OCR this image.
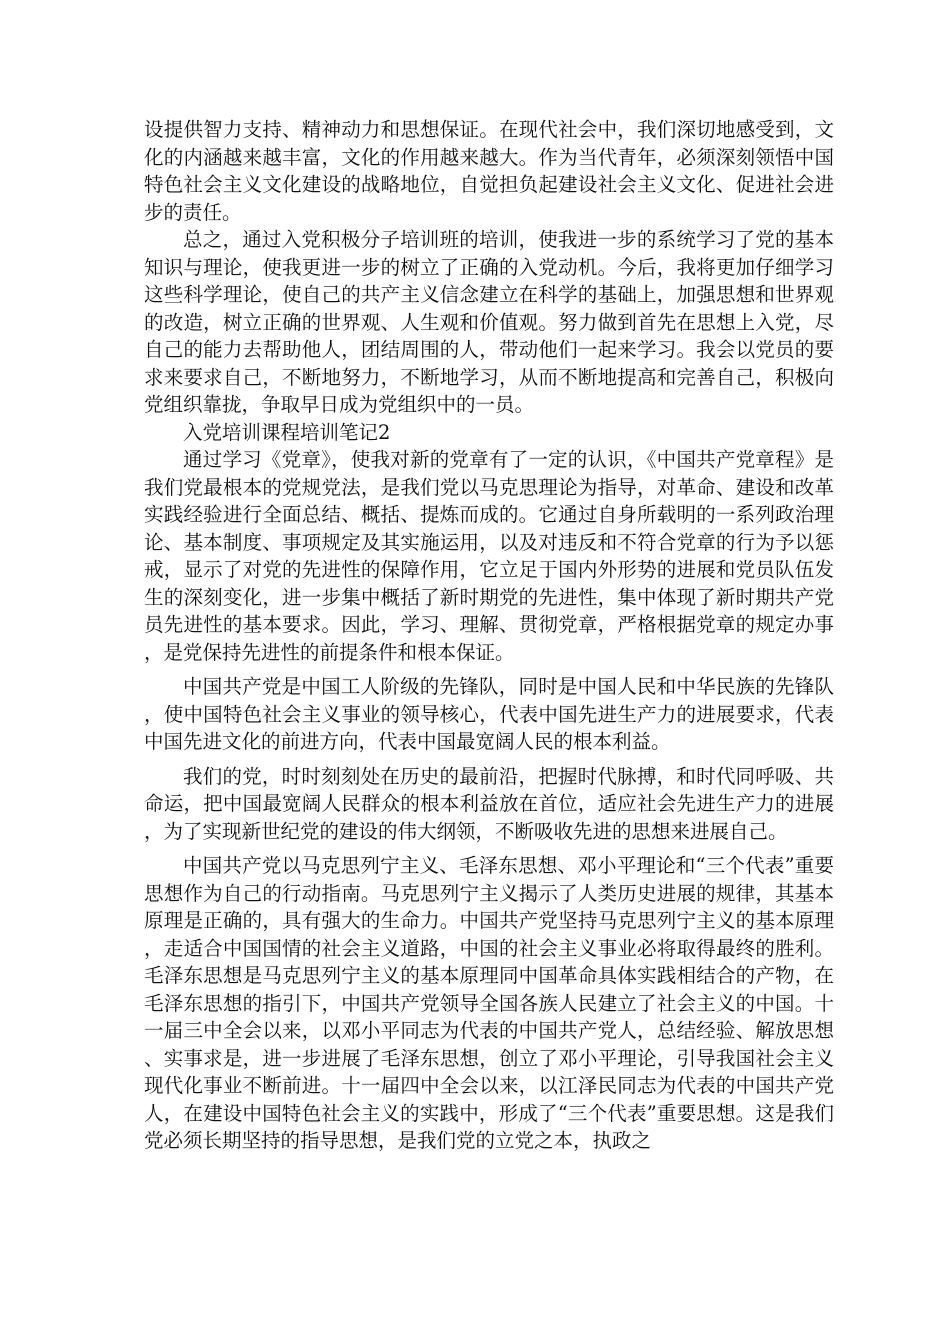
设提供智力支持、精神动力和思想保证。在现代社会中，我们深切地感受到，文化的内涵越来越丰富，文化的作用越来越大。作为当代青年，必须深刻领悟中国特色社会主义文化建设的战略地位，自觉担负起建设社会主义文化、促进社会进步的责任。

总之，通过入党积极分子培训班的培训，使我进一步的系统学习了党的基本知识与理论，使我更进一步的树立了正确的入党动机。今后，我将更加仔细学习这些科学理论，使自己的共产主义信念建立在科学的基础上，加强思想和世界观的改造，树立正确的世界观、人生观和价值观。努力做到首先在思想上入党，尽自己的能力去帮助他人，团结周围的人，带动他们一起来学习。我会以党员的要求来要求自己，不断地努力，不断地学习，从而不断地提高和完善自己，积极向党组织靠拢，争取早日成为党组织中的一员。

入党培训课程培训笔记2

通过学习《党章》，使我对新的党章有了一定的认识，《中国共产党章程》是我们党最根本的党规党法，是我们党以马克思理论为指导，对革命、建设和改革实践经验进行全面总结、概括、提炼而成的。它通过自身所载明的一系列政治理论、基本制度、事项规定及其实施运用，以及对违反和不符合党章的行为予以惩戒，显示了对党的先进性的保障作用，它立足于国内外形势的进展和党员队伍发生的深刻变化，进一步集中概括了新时期党的先进性，集中体现了新时期共产党员先进性的基本要求。因此，学习、理解、贯彻党章，严格根据党章的规定办事，是党保持先进性的前提条件和根本保证。

中国共产党是中国工人阶级的先锋队，同时是中国人民和中华民族的先锋队，使中国特色社会主义事业的领导核心，代表中国先进生产力的进展要求，代表中国先进文化的前进方向，代表中国最宽阔人民的根本利益。

我们的党，时时刻刻处在历史的最前沿，把握时代脉搏，和时代同呼吸、共命运，把中国最宽阔人民群众的根本利益放在首位，适应社会先进生产力的进展，为了实现新世纪党的建设的伟大纲领，不断吸收先进的思想来进展自己。

中国共产党以马克思列宁主义、毛泽东思想、邓小平理论和“三个代表”重要思想作为自己的行动指南。马克思列宁主义揭示了人类历史进展的规律，其基本原理是正确的，具有强大的生命力。中国共产党坚持马克思列宁主义的基本原理，走适合中国国情的社会主义道路，中国的社会主义事业必将取得最终的胜利。毛泽东思想是马克思列宁主义的基本原理同中国革命具体实践相结合的产物，在毛泽东思想的指引下，中国共产党领导全国各族人民建立了社会主义的中国。十一届三中全会以来，以邓小平同志为代表的中国共产党人，总结经验、解放思想、实事求是，进一步进展了毛泽东思想，创立了邓小平理论，引导我国社会主义现代化事业不断前进。十一届四中全会以来，以江泽民同志为代表的中国共产党人，在建设中国特色社会主义的实践中，形成了“三个代表”重要思想。这是我们党必须长期坚持的指导思想，是我们党的立党之本，执政之
